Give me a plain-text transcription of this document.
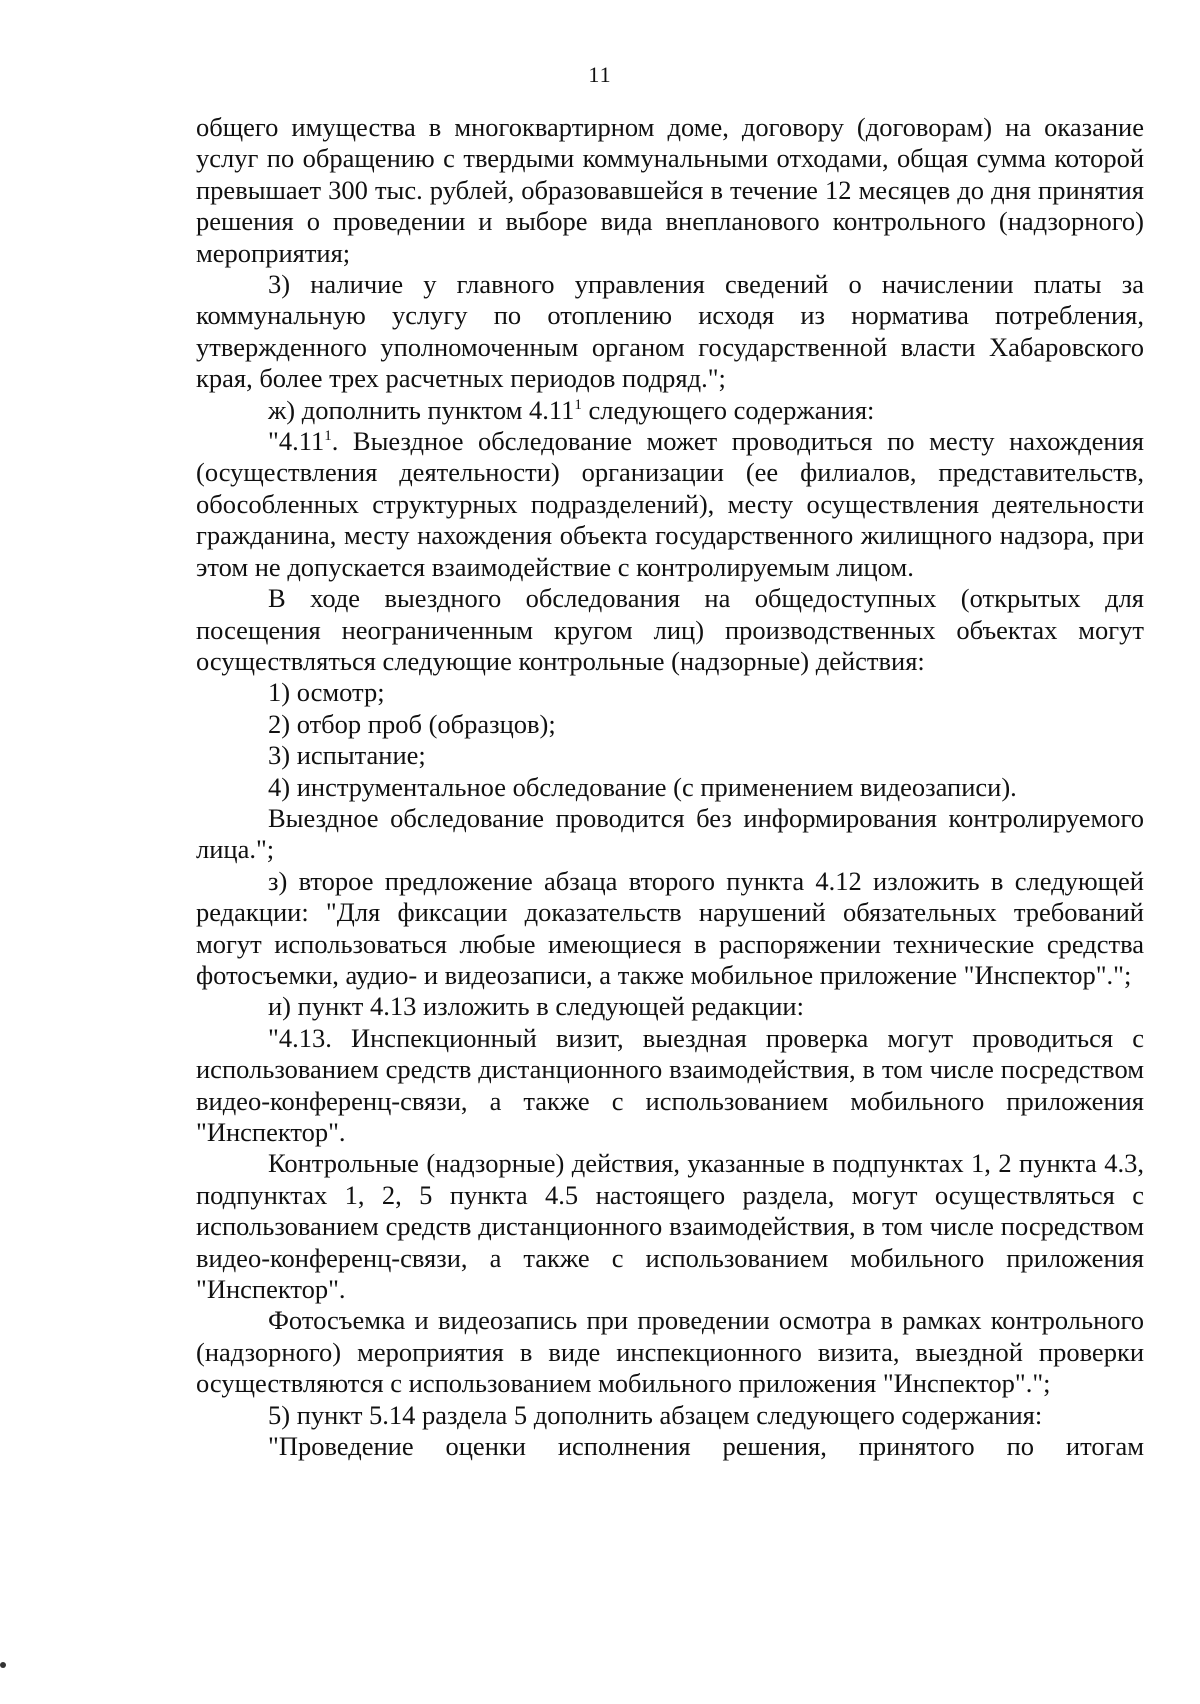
11

общего имущества в многоквартирном доме, договору (договорам) на оказание услуг по обращению с твердыми коммунальными отходами, общая сумма которой превышает 300 тыс. рублей, образовавшейся в течение 12 месяцев до дня принятия решения о проведении и выборе вида внепланового контрольного (надзорного) мероприятия;

3) наличие у главного управления сведений о начислении платы за коммунальную услугу по отоплению исходя из норматива потребления, утвержденного уполномоченным органом государственной власти Хабаровского края, более трех расчетных периодов подряд.";

ж) дополнить пунктом 4.11$^1$ следующего содержания:

"4.11$^1$. Выездное обследование может проводиться по месту нахождения (осуществления деятельности) организации (ее филиалов, представительств, обособленных структурных подразделений), месту осуществления деятельности гражданина, месту нахождения объекта государственного жилищного надзора, при этом не допускается взаимодействие с контролируемым лицом.

В ходе выездного обследования на общедоступных (открытых для посещения неограниченным кругом лиц) производственных объектах могут осуществляться следующие контрольные (надзорные) действия:

1) осмотр;

2) отбор проб (образцов);

3) испытание;

4) инструментальное обследование (с применением видеозаписи).

Выездное обследование проводится без информирования контролируемого лица.";

з) второе предложение абзаца второго пункта 4.12 изложить в следующей редакции: "Для фиксации доказательств нарушений обязательных требований могут использоваться любые имеющиеся в распоряжении технические средства фотосъемки, аудио- и видеозаписи, а также мобильное приложение "Инспектор".";

и) пункт 4.13 изложить в следующей редакции:

"4.13. Инспекционный визит, выездная проверка могут проводиться с использованием средств дистанционного взаимодействия, в том числе посредством видео-конференц-связи, а также с использованием мобильного приложения "Инспектор".

Контрольные (надзорные) действия, указанные в подпунктах 1, 2 пункта 4.3, подпунктах 1, 2, 5 пункта 4.5 настоящего раздела, могут осуществляться с использованием средств дистанционного взаимодействия, в том числе посредством видео-конференц-связи, а также с использованием мобильного приложения "Инспектор".

Фотосъемка и видеозапись при проведении осмотра в рамках контрольного (надзорного) мероприятия в виде инспекционного визита, выездной проверки осуществляются с использованием мобильного приложения "Инспектор".";

5) пункт 5.14 раздела 5 дополнить абзацем следующего содержания:

"Проведение оценки исполнения решения, принятого по итогам
